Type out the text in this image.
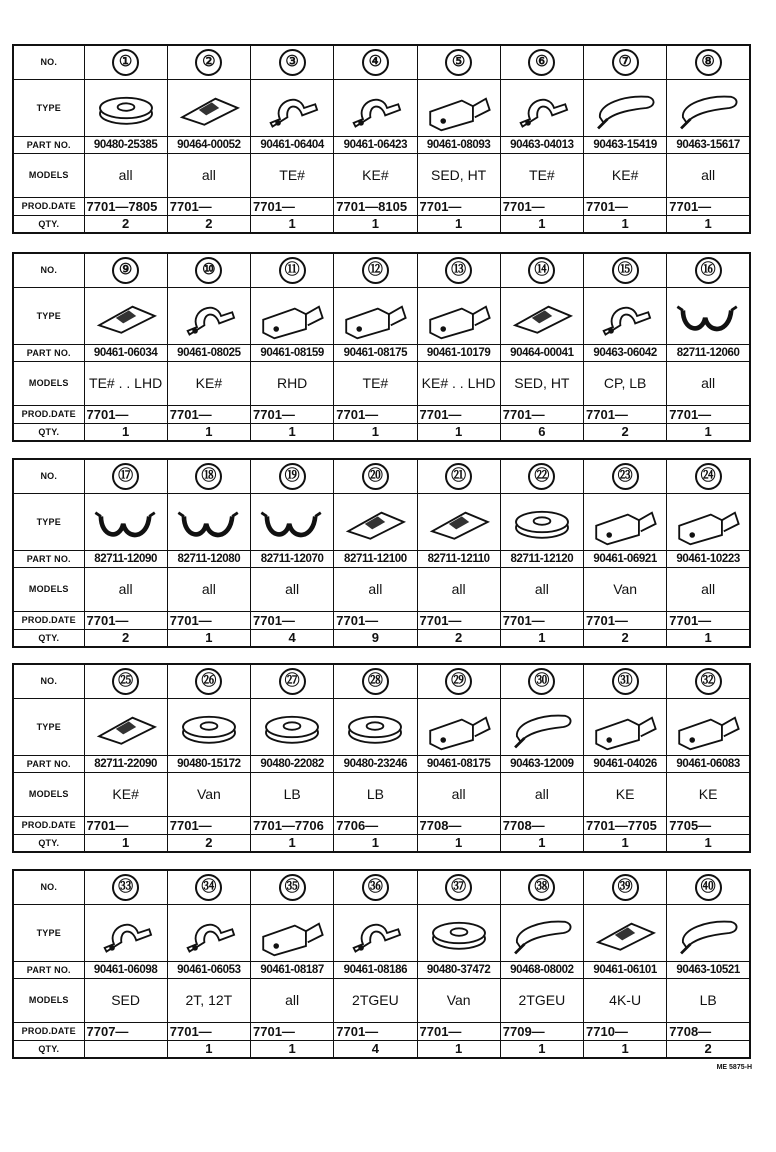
NO.	①	②	③	④	⑤	⑥	⑦	⑧
TYPE	

PART NO.	90480-25385	90464-00052	90461-06404	90461-06423	90461-08093	90463-04013	90463-15419	90463-15617
MODELS	all	all	TE#	KE#	SED, HT	TE#	KE#	all
PROD.DATE	7701—7805	7701—	7701—	7701—8105	7701—	7701—	7701—	7701—
QTY.	2	2	1	1	1	1	1	1
NO.	⑨	⑩	⑪	⑫	⑬	⑭	⑮	⑯
TYPE	

PART NO.	90461-06034	90461-08025	90461-08159	90461-08175	90461-10179	90464-00041	90463-06042	82711-12060
MODELS	TE# . . LHD	KE#	RHD	TE#	KE# . . LHD	SED, HT	CP, LB	all
PROD.DATE	7701—	7701—	7701—	7701—	7701—	7701—	7701—	7701—
QTY.	1	1	1	1	1	6	2	1
NO.	⑰	⑱	⑲	⑳	㉑	㉒	㉓	㉔
TYPE	

PART NO.	82711-12090	82711-12080	82711-12070	82711-12100	82711-12110	82711-12120	90461-06921	90461-10223
MODELS	all	all	all	all	all	all	Van	all
PROD.DATE	7701—	7701—	7701—	7701—	7701—	7701—	7701—	7701—
QTY.	2	1	4	9	2	1	2	1
NO.	㉕	㉖	㉗	㉘	㉙	㉚	㉛	㉜
TYPE	

PART NO.	82711-22090	90480-15172	90480-22082	90480-23246	90461-08175	90463-12009	90461-04026	90461-06083
MODELS	KE#	Van	LB	LB	all	all	KE	KE
PROD.DATE	7701—	7701—	7701—7706	7706—	7708—	7708—	7701—7705	7705—
QTY.	1	2	1	1	1	1	1	1
NO.	㉝	㉞	㉟	㊱	㊲	㊳	㊴	㊵
TYPE	

PART NO.	90461-06098	90461-06053	90461-08187	90461-08186	90480-37472	90468-08002	90461-06101	90463-10521
MODELS	SED	2T, 12T	all	2TGEU	Van	2TGEU	4K-U	LB
PROD.DATE	7707—	7701—	7701—	7701—	7701—	7709—	7710—	7708—
QTY.		1	1	4	1	1	1	2
ME 5875-H
